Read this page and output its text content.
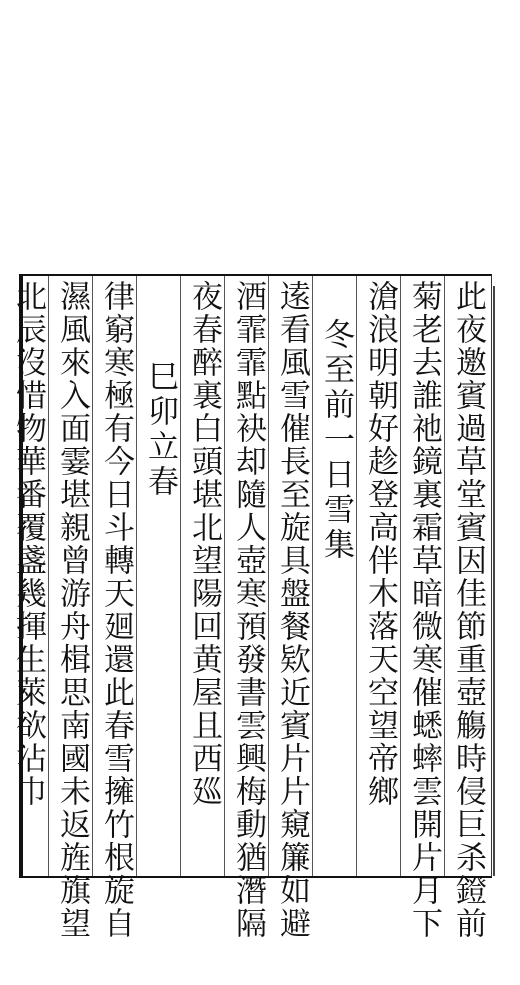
此夜邀賓過草堂賓因佳節重壺觴時侵巨杀鐙前
菊老去誰祂鏡裏霜草暗微寒催蟋蟀雲開片月下
滄浪明朝好趁登高伴木落天空望帝鄉
冬至前一日雪集
逺看風雪催長至旋具盤餐欵近賓片片窺簾如避
酒霏霏點袂却隨人壺寒預發書雲興梅動猶潛隔
夜春醉裏白頭堪北望陽回黄屋且西廵
巳卯立春
律窮寒極有今日斗轉天廻還此春雪擁竹根旋自
濕風來入面霎堪親曾游舟楫思南國未返旌旗望
北辰沒惜物華番覆盞幾揮生萊欲沾巾
